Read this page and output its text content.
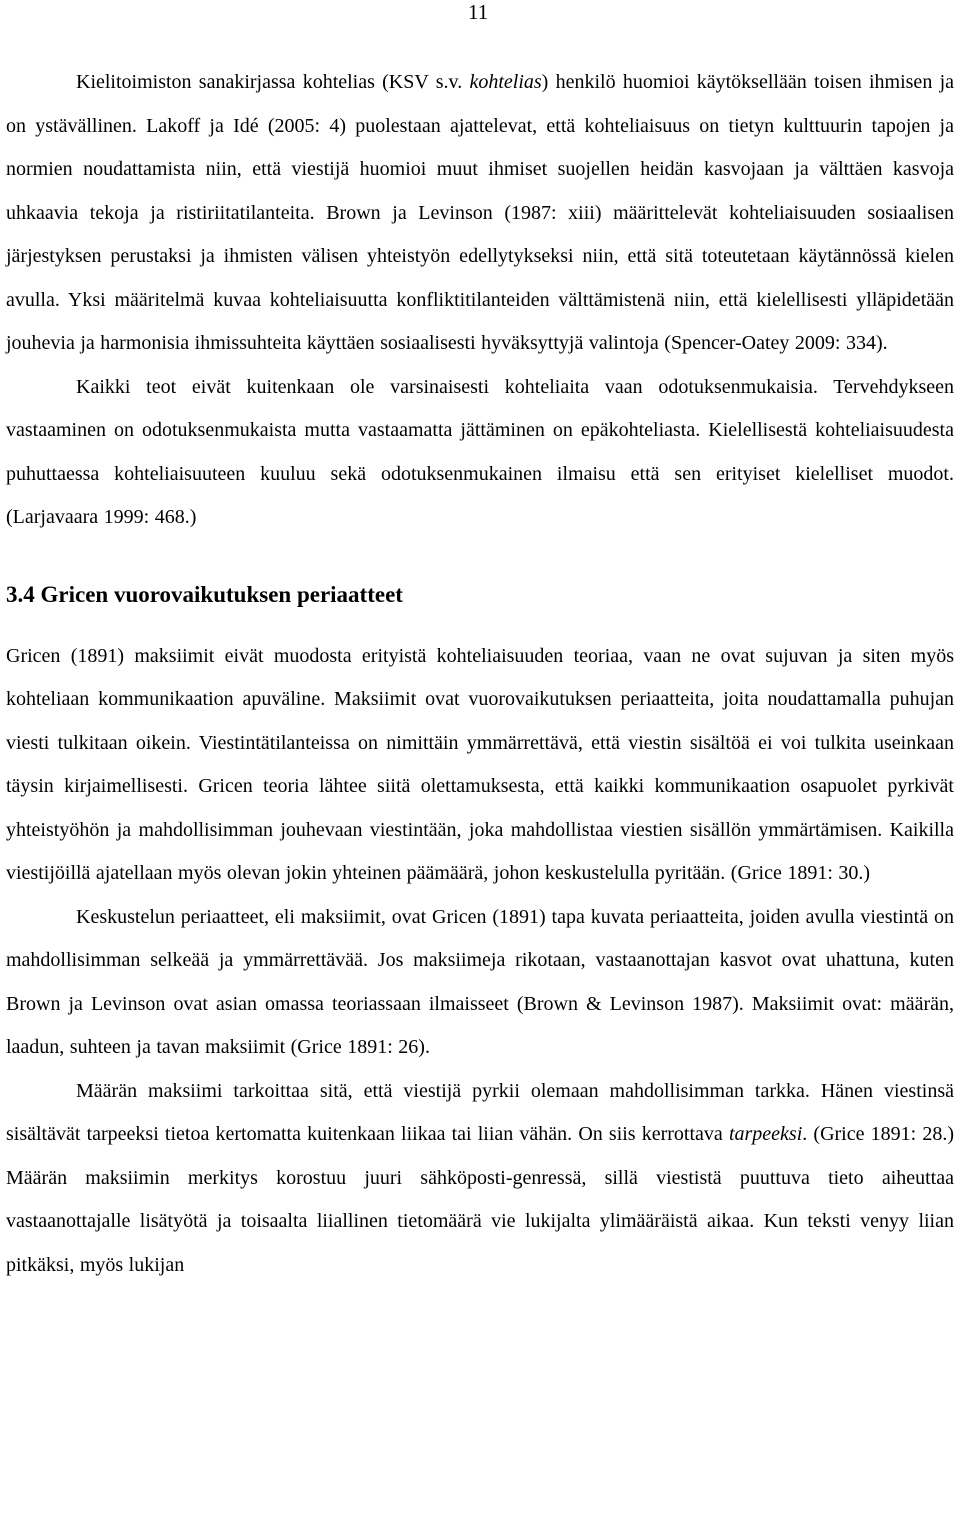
11

Kielitoimiston sanakirjassa kohtelias (KSV s.v. kohtelias) henkilö huomioi käytöksellään toisen ihmisen ja on ystävällinen. Lakoff ja Idé (2005: 4) puolestaan ajattelevat, että kohteliaisuus on tietyn kulttuurin tapojen ja normien noudattamista niin, että viestijä huomioi muut ihmiset suojellen heidän kasvojaan ja välttäen kasvoja uhkaavia tekoja ja ristiriitatilanteita. Brown ja Levinson (1987: xiii) määrittelevät kohteliaisuuden sosiaalisen järjestyksen perustaksi ja ihmisten välisen yhteistyön edellytykseksi niin, että sitä toteutetaan käytännössä kielen avulla. Yksi määritelmä kuvaa kohteliaisuutta konfliktitilanteiden välttämistenä niin, että kielellisesti ylläpidetään jouhevia ja harmonisia ihmissuhteita käyttäen sosiaalisesti hyväksyttyjä valintoja (Spencer-Oatey 2009: 334).

Kaikki teot eivät kuitenkaan ole varsinaisesti kohteliaita vaan odotuksenmukaisia. Tervehdykseen vastaaminen on odotuksenmukaista mutta vastaamatta jättäminen on epäkohteliasta. Kielellisestä kohteliaisuudesta puhuttaessa kohteliaisuuteen kuuluu sekä odotuksenmukainen ilmaisu että sen erityiset kielelliset muodot. (Larjavaara 1999: 468.)

3.4 Gricen vuorovaikutuksen periaatteet

Gricen (1891) maksiimit eivät muodosta erityistä kohteliaisuuden teoriaa, vaan ne ovat sujuvan ja siten myös kohteliaan kommunikaation apuväline. Maksiimit ovat vuorovaikutuksen periaatteita, joita noudattamalla puhujan viesti tulkitaan oikein. Viestintätilanteissa on nimittäin ymmärrettävä, että viestin sisältöä ei voi tulkita useinkaan täysin kirjaimellisesti. Gricen teoria lähtee siitä olettamuksesta, että kaikki kommunikaation osapuolet pyrkivät yhteistyöhön ja mahdollisimman jouhevaan viestintään, joka mahdollistaa viestien sisällön ymmärtämisen. Kaikilla viestijöillä ajatellaan myös olevan jokin yhteinen päämäärä, johon keskustelulla pyritään. (Grice 1891: 30.)

Keskustelun periaatteet, eli maksiimit, ovat Gricen (1891) tapa kuvata periaatteita, joiden avulla viestintä on mahdollisimman selkeää ja ymmärrettävää. Jos maksiimeja rikotaan, vastaanottajan kasvot ovat uhattuna, kuten Brown ja Levinson ovat asian omassa teoriassaan ilmaisseet (Brown & Levinson 1987). Maksiimit ovat: määrän, laadun, suhteen ja tavan maksiimit (Grice 1891: 26).

Määrän maksiimi tarkoittaa sitä, että viestijä pyrkii olemaan mahdollisimman tarkka. Hänen viestinsä sisältävät tarpeeksi tietoa kertomatta kuitenkaan liikaa tai liian vähän. On siis kerrottava tarpeeksi. (Grice 1891: 28.) Määrän maksiimin merkitys korostuu juuri sähköposti-genressä, sillä viestistä puuttuva tieto aiheuttaa vastaanottajalle lisätyötä ja toisaalta liiallinen tietomäärä vie lukijalta ylimääräistä aikaa. Kun teksti venyy liian pitkäksi, myös lukijan
